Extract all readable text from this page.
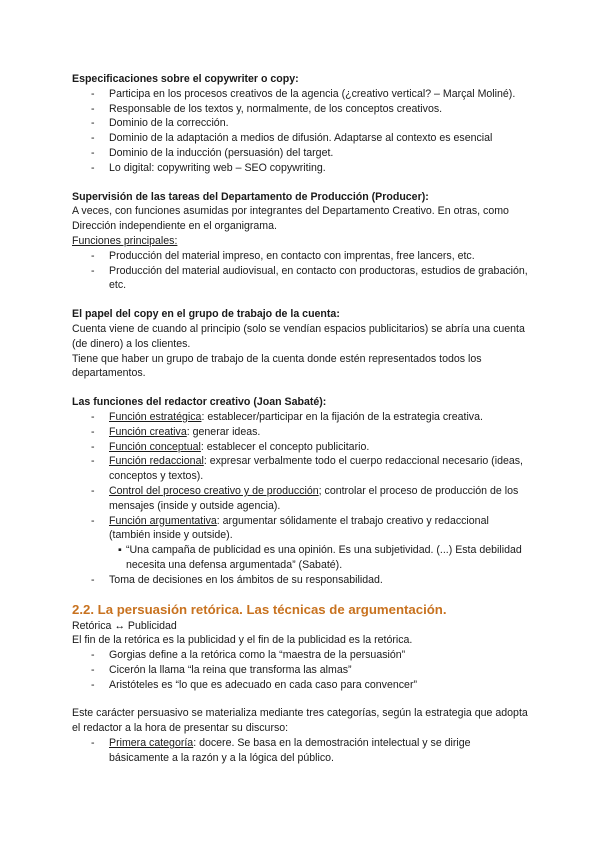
Especificaciones sobre el copywriter o copy:

- Participa en los procesos creativos de la agencia (¿creativo vertical? – Marçal Moliné).
- Responsable de los textos y, normalmente, de los conceptos creativos.
- Dominio de la corrección.
- Dominio de la adaptación a medios de difusión. Adaptarse al contexto es esencial
- Dominio de la inducción (persuasión) del target.
- Lo digital: copywriting web – SEO copywriting.

Supervisión de las tareas del Departamento de Producción (Producer):

A veces, con funciones asumidas por integrantes del Departamento Creativo. En otras, como Dirección independiente en el organigrama.

Funciones principales:

- Producción del material impreso, en contacto con imprentas, free lancers, etc.
- Producción del material audiovisual, en contacto con productoras, estudios de grabación, etc.

El papel del copy en el grupo de trabajo de la cuenta:

Cuenta viene de cuando al principio (solo se vendían espacios publicitarios) se abría una cuenta (de dinero) a los clientes.

Tiene que haber un grupo de trabajo de la cuenta donde estén representados todos los departamentos.

Las funciones del redactor creativo (Joan Sabaté):

- Función estratégica: establecer/participar en la fijación de la estrategia creativa.
- Función creativa: generar ideas.
- Función conceptual: establecer el concepto publicitario.
- Función redaccional: expresar verbalmente todo el cuerpo redaccional necesario (ideas, conceptos y textos).
- Control del proceso creativo y de producción; controlar el proceso de producción de los mensajes (inside y outside agencia).
- Función argumentativa: argumentar sólidamente el trabajo creativo y redaccional (también inside y outside).

▪ “Una campaña de publicidad es una opinión. Es una subjetividad. (...) Esta debilidad necesita una defensa argumentada” (Sabaté).

- Toma de decisiones en los ámbitos de su responsabilidad.
2.2. La persuasión retórica. Las técnicas de argumentación.

Retórica ↔ Publicidad

El fin de la retórica es la publicidad y el fin de la publicidad es la retórica.

- Gorgias define a la retórica como la “maestra de la persuasión”
- Cicerón la llama “la reina que transforma las almas”
- Aristóteles es “lo que es adecuado en cada caso para convencer”

Este carácter persuasivo se materializa mediante tres categorías, según la estrategia que adopta el redactor a la hora de presentar su discurso:

- Primera categoría: docere. Se basa en la demostración intelectual y se dirige básicamente a la razón y a la lógica del público.
